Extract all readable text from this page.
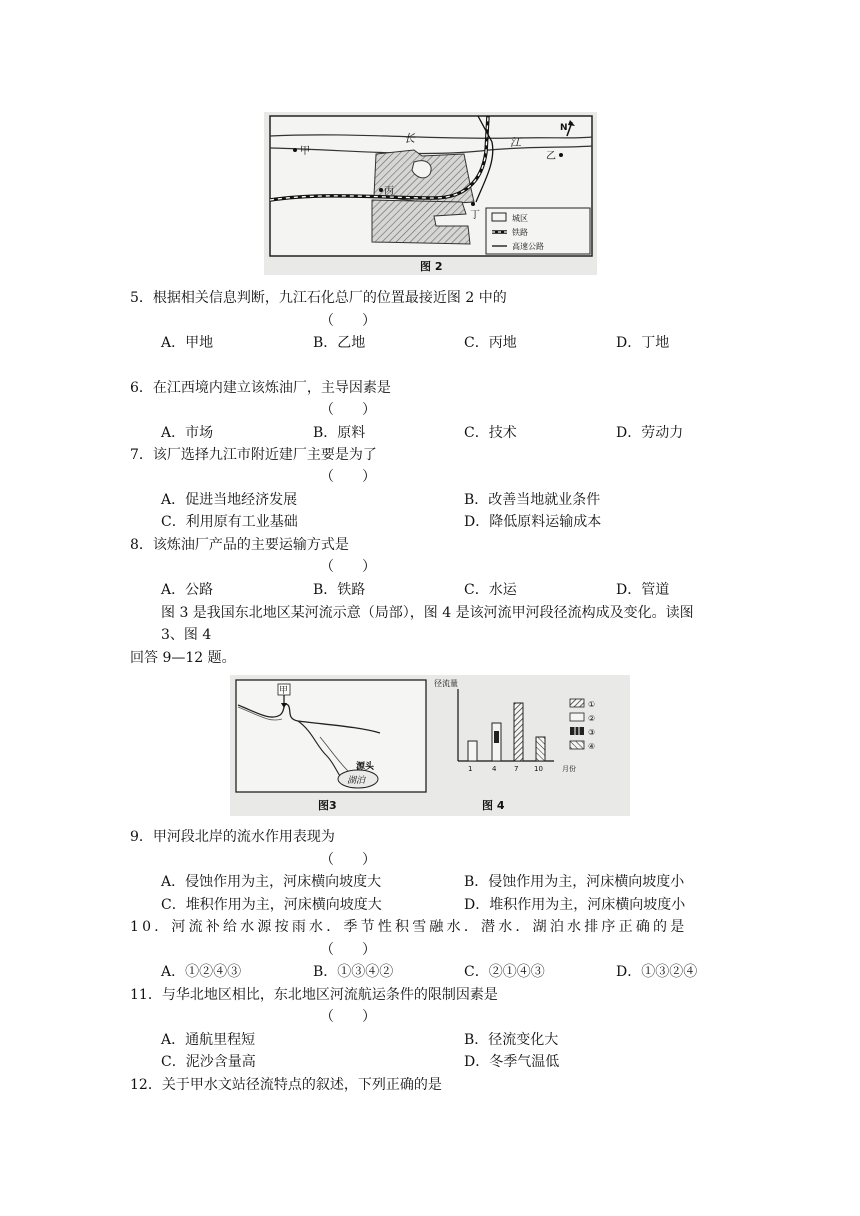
甲	乙
丙
丁
长	江
N
城区
铁路
高速公路
图 2
5．根据相关信息判断，九江石化总厂的位置最接近图 2 中的
（　　）
A．甲地	B．乙地	C．丙地	D．丁地
6．在江西境内建立该炼油厂，主导因素是
（　　）
A．市场	B．原料	C．技术	D．劳动力
7．该厂选择九江市附近建厂主要是为了
（　　）
A．促进当地经济发展	B．改善当地就业条件
C．利用原有工业基础	D．降低原料运输成本
8．该炼油厂产品的主要运输方式是
（　　）
A．公路	B．铁路	C．水运	D．管道
图 3 是我国东北地区某河流示意（局部），图 4 是该河流甲河段径流构成及变化。读图
3、图 4
回答 9—12 题。
湖泊
源头
甲
图3
径流量
1	4	7 10	月份
①
②
③
④
图 4
9．甲河段北岸的流水作用表现为
（　　）
A．侵蚀作用为主，河床横向坡度大	B．侵蚀作用为主，河床横向坡度小
C．堆积作用为主，河床横向坡度大	D．堆积作用为主，河床横向坡度小
10．河流补给水源按雨水．季节性积雪融水．潜水．湖泊水排序正确的是
（　　）
A．①②④③	B．①③④②	C．②①④③	D．①③②④
11．与华北地区相比，东北地区河流航运条件的限制因素是
（　　）
A．通航里程短	B．径流变化大
C．泥沙含量高	D．冬季气温低
12．关于甲水文站径流特点的叙述，下列正确的是
